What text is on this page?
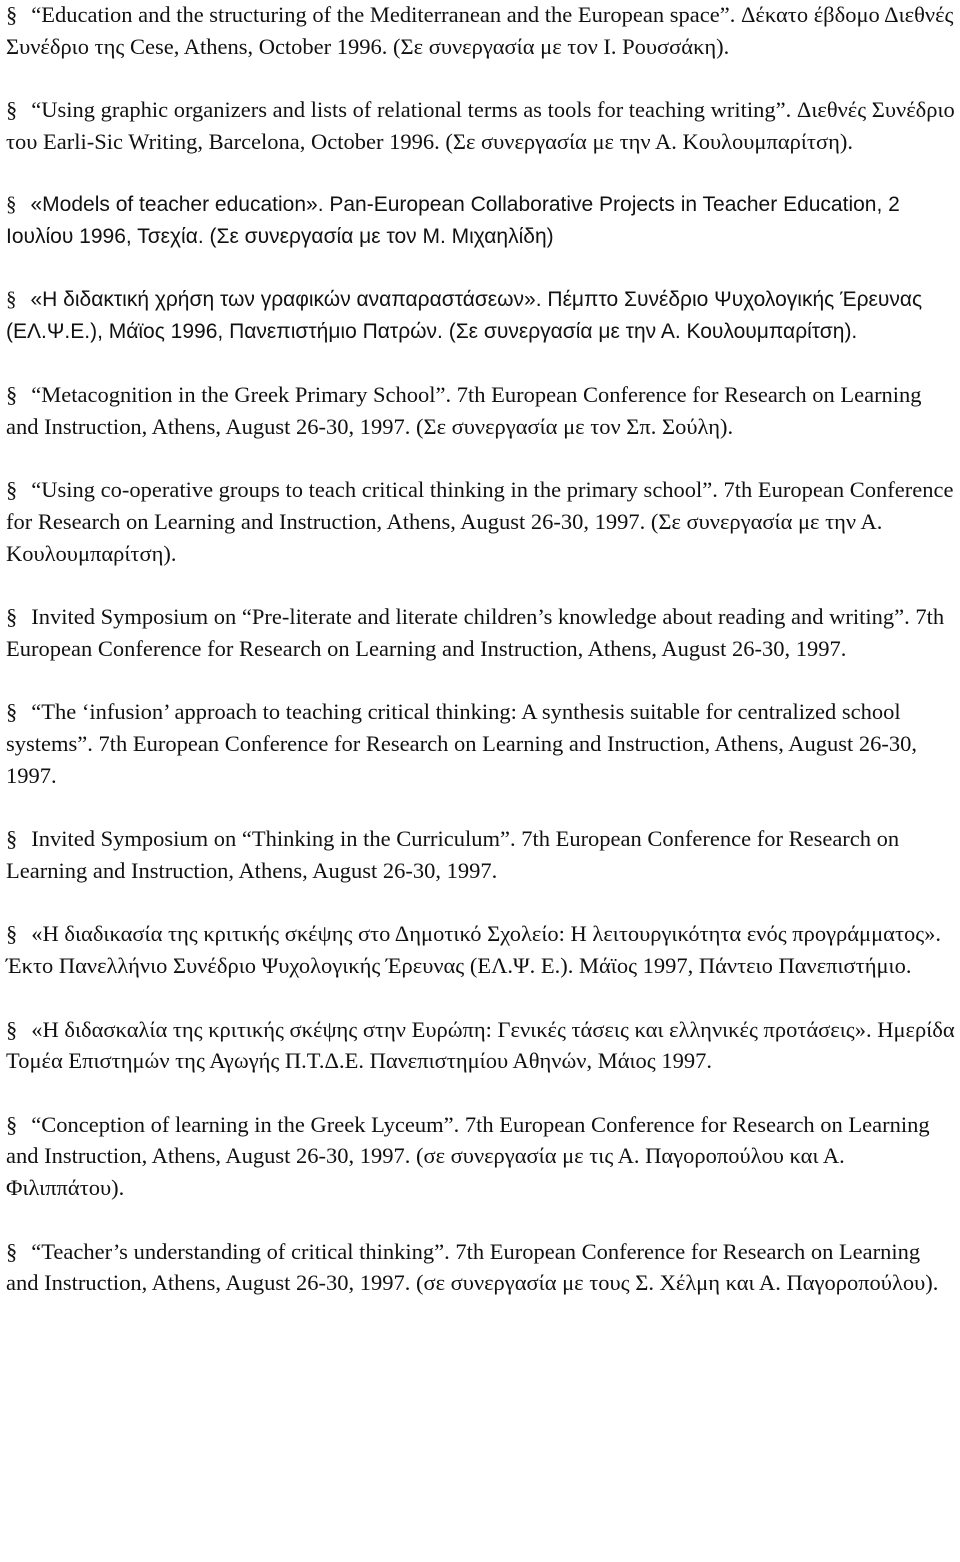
§ “Education and the structuring of the Mediterranean and the European space”. Δέκατο έβδομο Διεθνές Συνέδριο της Cese, Athens, October 1996. (Σε συνεργασία με τον Ι. Ρουσσάκη).

§ “Using graphic organizers and lists of relational terms as tools for teaching writing”. Διεθνές Συνέδριο του Earli-Sic Writing, Barcelona, October 1996. (Σε συνεργασία με την Α. Κουλουμπαρίτση).

§ «Models of teacher education». Pan-European Collaborative Projects in Teacher Education, 2 Ιουλίου 1996, Τσεχία. (Σε συνεργασία με τον Μ. Μιχαηλίδη)

§ «Η διδακτική χρήση των γραφικών αναπαραστάσεων». Πέμπτο Συνέδριο Ψυχολογικής Έρευνας (ΕΛ.Ψ.Ε.), Μάϊος 1996, Πανεπιστήμιο Πατρών. (Σε συνεργασία με την Α. Κουλουμπαρίτση).

§ “Metacognition in the Greek Primary School”. 7th European Conference for Research on Learning and Instruction, Athens, August 26-30, 1997. (Σε συνεργασία με τον Σπ. Σούλη).

§ “Using co-operative groups to teach critical thinking in the primary school”. 7th European Conference for Research on Learning and Instruction, Athens, August 26-30, 1997. (Σε συνεργασία με την Α. Κουλουμπαρίτση).

§ Invited Symposium on “Pre-literate and literate children’s knowledge about reading and writing”. 7th European Conference for Research on Learning and Instruction, Athens, August 26-30, 1997.

§ “The ‘infusion’ approach to teaching critical thinking: A synthesis suitable for centralized school systems”. 7th European Conference for Research on Learning and Instruction, Athens, August 26-30, 1997.

§ Invited Symposium on “Thinking in the Curriculum”. 7th European Conference for Research on Learning and Instruction, Athens, August 26-30, 1997.

§ «Η διαδικασία της κριτικής σκέψης στο Δημοτικό Σχολείο: Η λειτουργικότητα ενός προγράμματος». Έκτο Πανελλήνιο Συνέδριο Ψυχολογικής Έρευνας (ΕΛ.Ψ. Ε.). Μάϊος 1997, Πάντειο Πανεπιστήμιο.

§ «Η διδασκαλία της κριτικής σκέψης στην Ευρώπη: Γενικές τάσεις και ελληνικές προτάσεις». Ημερίδα Τομέα Επιστημών της Αγωγής Π.Τ.Δ.Ε. Πανεπιστημίου Αθηνών, Μάιος 1997.

§ “Conception of learning in the Greek Lyceum”. 7th European Conference for Research on Learning and Instruction, Athens, August 26-30, 1997. (σε συνεργασία με τις Α. Παγοροπούλου και Α. Φιλιππάτου).

§ “Teacher’s understanding of critical thinking”. 7th European Conference for Research on Learning and Instruction, Athens, August 26-30, 1997. (σε συνεργασία με τους Σ. Χέλμη και Α. Παγοροπούλου).
